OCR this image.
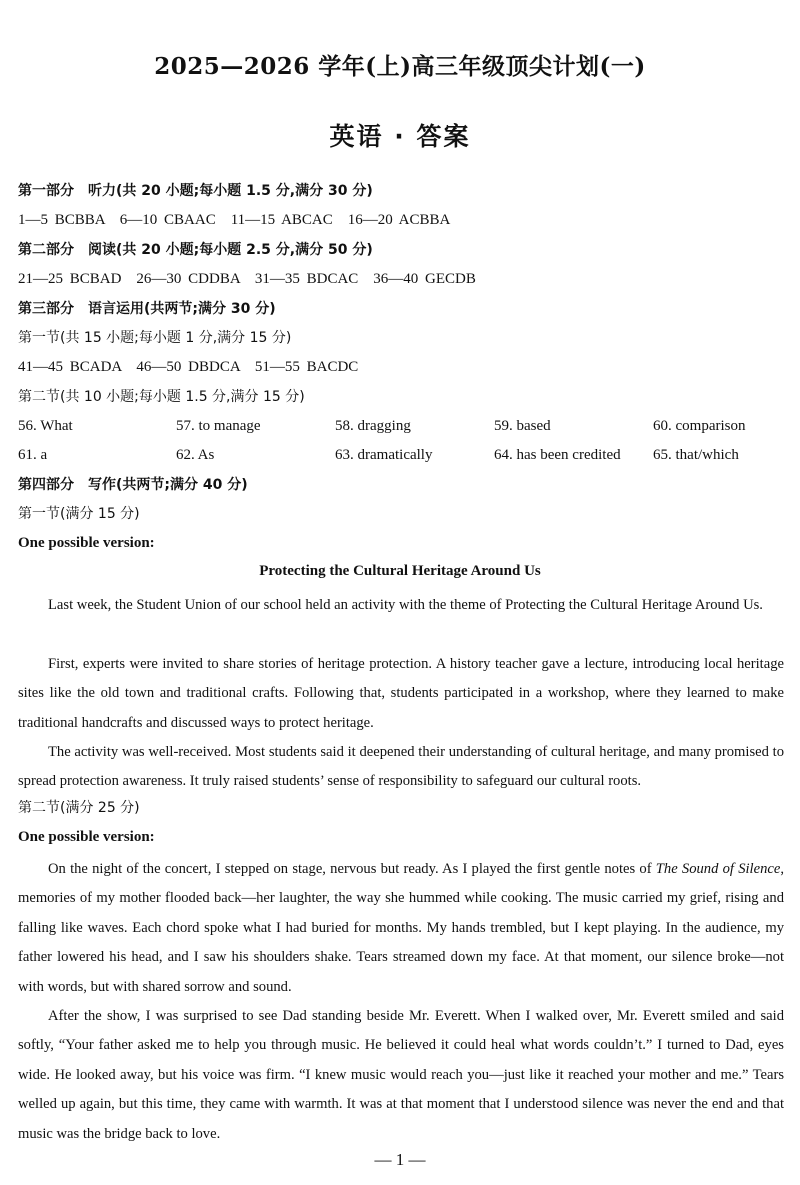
2025—2026 学年(上)高三年级顶尖计划(一)
英语 · 答案
第一部分　听力(共 20 小题;每小题 1.5 分,满分 30 分)
1—5 BCBBA　6—10 CBAAC　11—15 ABCAC　16—20 ACBBA
第二部分　阅读(共 20 小题;每小题 2.5 分,满分 50 分)
21—25 BCBAD　26—30 CDDBA　31—35 BDCAC　36—40 GECDB
第三部分　语言运用(共两节;满分 30 分)
第一节(共 15 小题;每小题 1 分,满分 15 分)
41—45 BCADA　46—50 DBDCA　51—55 BACDC
第二节(共 10 小题;每小题 1.5 分,满分 15 分)
56. What	57. to manage	58. dragging	59. based	60. comparison
61. a	62. As	63. dramatically	64. has been credited 65. that/which
第四部分　写作(共两节;满分 40 分)
第一节(满分 15 分)
One possible version:
Protecting the Cultural Heritage Around Us

Last week, the Student Union of our school held an activity with the theme of Protecting the Cultural Heritage Around Us.

First, experts were invited to share stories of heritage protection. A history teacher gave a lecture, introducing local heritage sites like the old town and traditional crafts. Following that, students participated in a workshop, where they learned to make traditional handcrafts and discussed ways to protect heritage.

The activity was well-received. Most students said it deepened their understanding of cultural heritage, and many promised to spread protection awareness. It truly raised students’ sense of responsibility to safeguard our cultural roots.

第二节(满分 25 分)
One possible version:

On the night of the concert, I stepped on stage, nervous but ready. As I played the first gentle notes of The Sound of Silence, memories of my mother flooded back—her laughter, the way she hummed while cooking. The music carried my grief, rising and falling like waves. Each chord spoke what I had buried for months. My hands trembled, but I kept playing. In the audience, my father lowered his head, and I saw his shoulders shake. Tears streamed down my face. At that moment, our silence broke—not with words, but with shared sorrow and sound.

After the show, I was surprised to see Dad standing beside Mr. Everett. When I walked over, Mr. Everett smiled and said softly, “Your father asked me to help you through music. He believed it could heal what words couldn’t.” I turned to Dad, eyes wide. He looked away, but his voice was firm. “I knew music would reach you—just like it reached your mother and me.” Tears welled up again, but this time, they came with warmth. It was at that moment that I understood silence was never the end and that music was the bridge back to love.

— 1 —
